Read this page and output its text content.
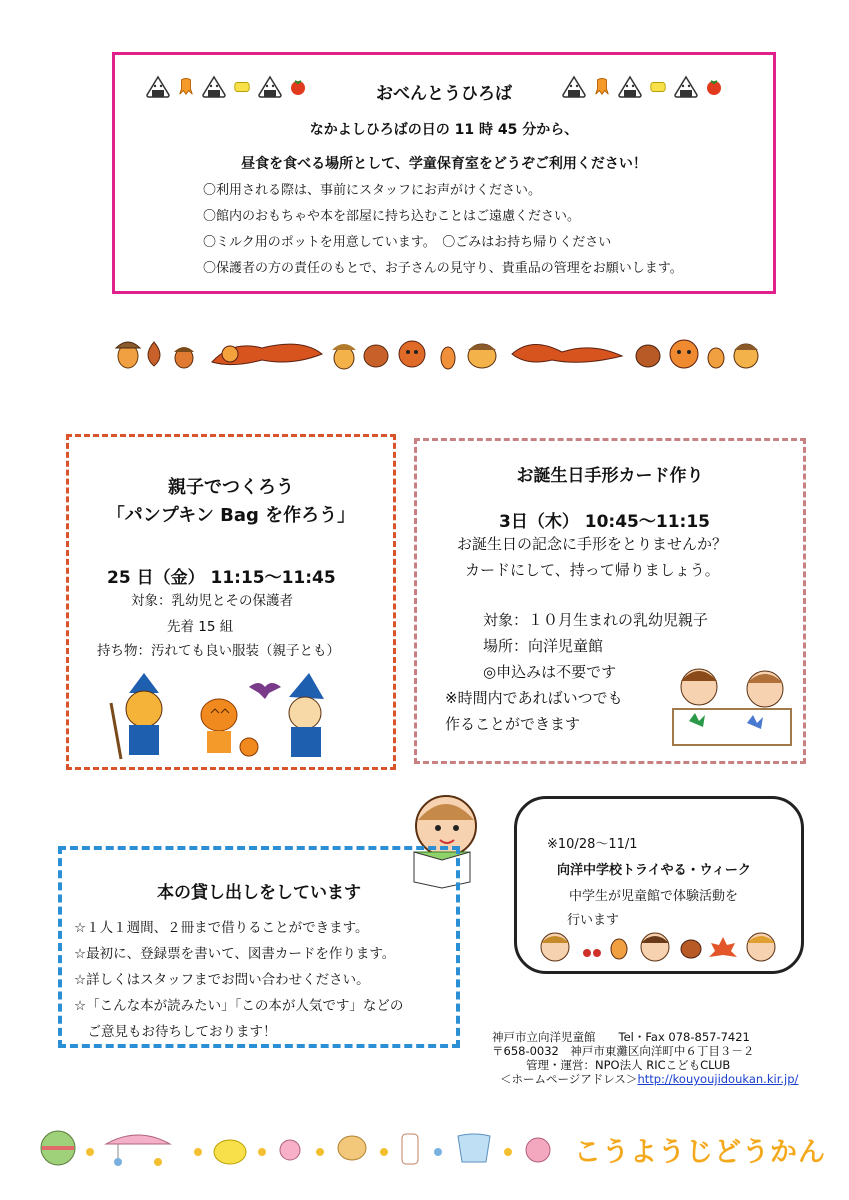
おべんとうひろば
なかよしひろばの日の 11 時 45 分から、
昼食を食べる場所として、学童保育室をどうぞご利用ください！
〇利用される際は、事前にスタッフにお声がけください。
〇館内のおもちゃや本を部屋に持ち込むことはご遠慮ください。
〇ミルク用のポットを用意しています。　〇ごみはお持ち帰りください
〇保護者の方の責任のもとで、お子さんの見守り、貴重品の管理をお願いします。
親子でつくろう
「パンプキン Bag を作ろう」
25 日（金） 11:15～11:45
対象：乳幼児とその保護者
先着 15 組
持ち物：汚れても良い服装（親子とも）
お誕生日手形カード作り
3日（木） 10:45～11:15
お誕生日の記念に手形をとりませんか？
カードにして、持って帰りましょう。
対象：１０月生まれの乳幼児親子
場所：向洋児童館
◎申込みは不要です
※時間内であればいつでも
作ることができます
本の貸し出しをしています
☆１人１週間、２冊まで借りることができます。
☆最初に、登録票を書いて、図書カードを作ります。
☆詳しくはスタッフまでお問い合わせください。
☆「こんな本が読みたい」「この本が人気です」などの
　ご意見もお待ちしております！
※10/28～11/1
向洋中学校トライやる・ウィーク
中学生が児童館で体験活動を
行います
神戸市立向洋児童館　　Tel・Fax 078-857-7421
〒658-0032　神戸市東灘区向洋町中６丁目３－２
管理・運営：NPO法人 RICこどもCLUB
＜ホームページアドレス＞http://kouyoujidoukan.kir.jp/
こうようじどうかん
